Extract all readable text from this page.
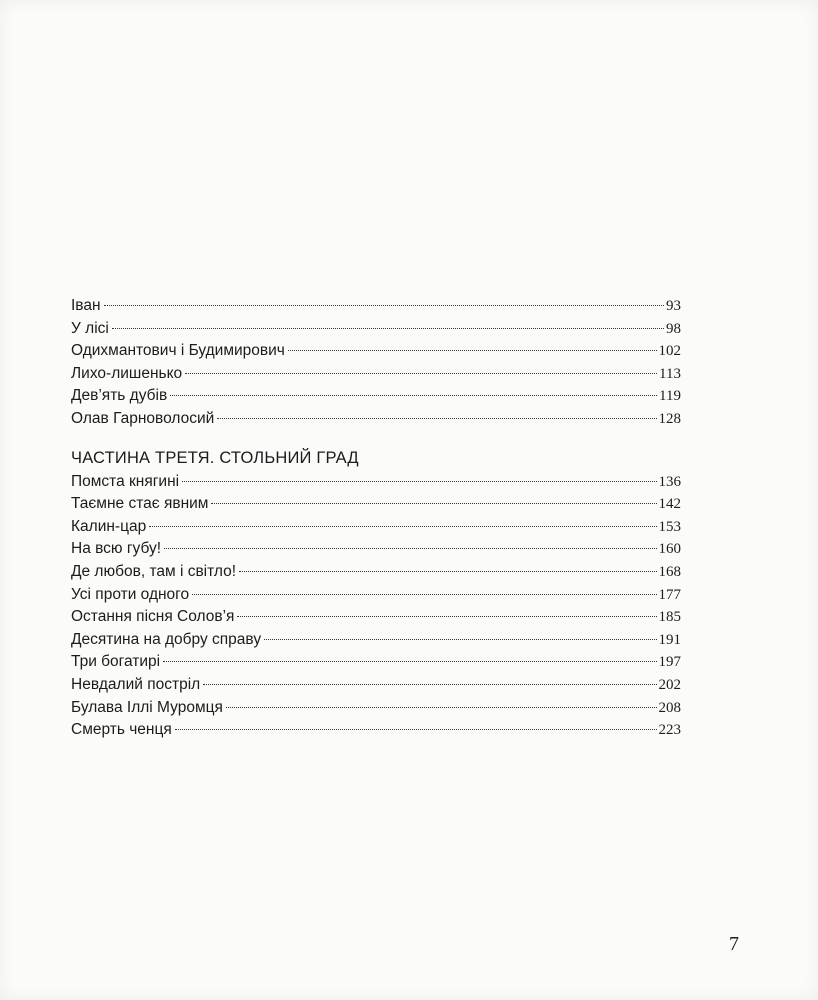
Іван	93
У лісі	98
Одихмантович і Будимирович	102
Лихо-лишенько	113
Дев’ять дубів	119
Олав Гарноволосий	128
ЧАСТИНА ТРЕТЯ. СТОЛЬНИЙ ГРАД
Помста княгині	136
Таємне стає явним	142
Калин-цар	153
На всю губу!	160
Де любов, там і світло!	168
Усі проти одного	177
Остання пісня Солов’я	185
Десятина на добру справу	191
Три богатирі	197
Невдалий постріл	202
Булава Іллі Муромця	208
Смерть ченця	223
7
